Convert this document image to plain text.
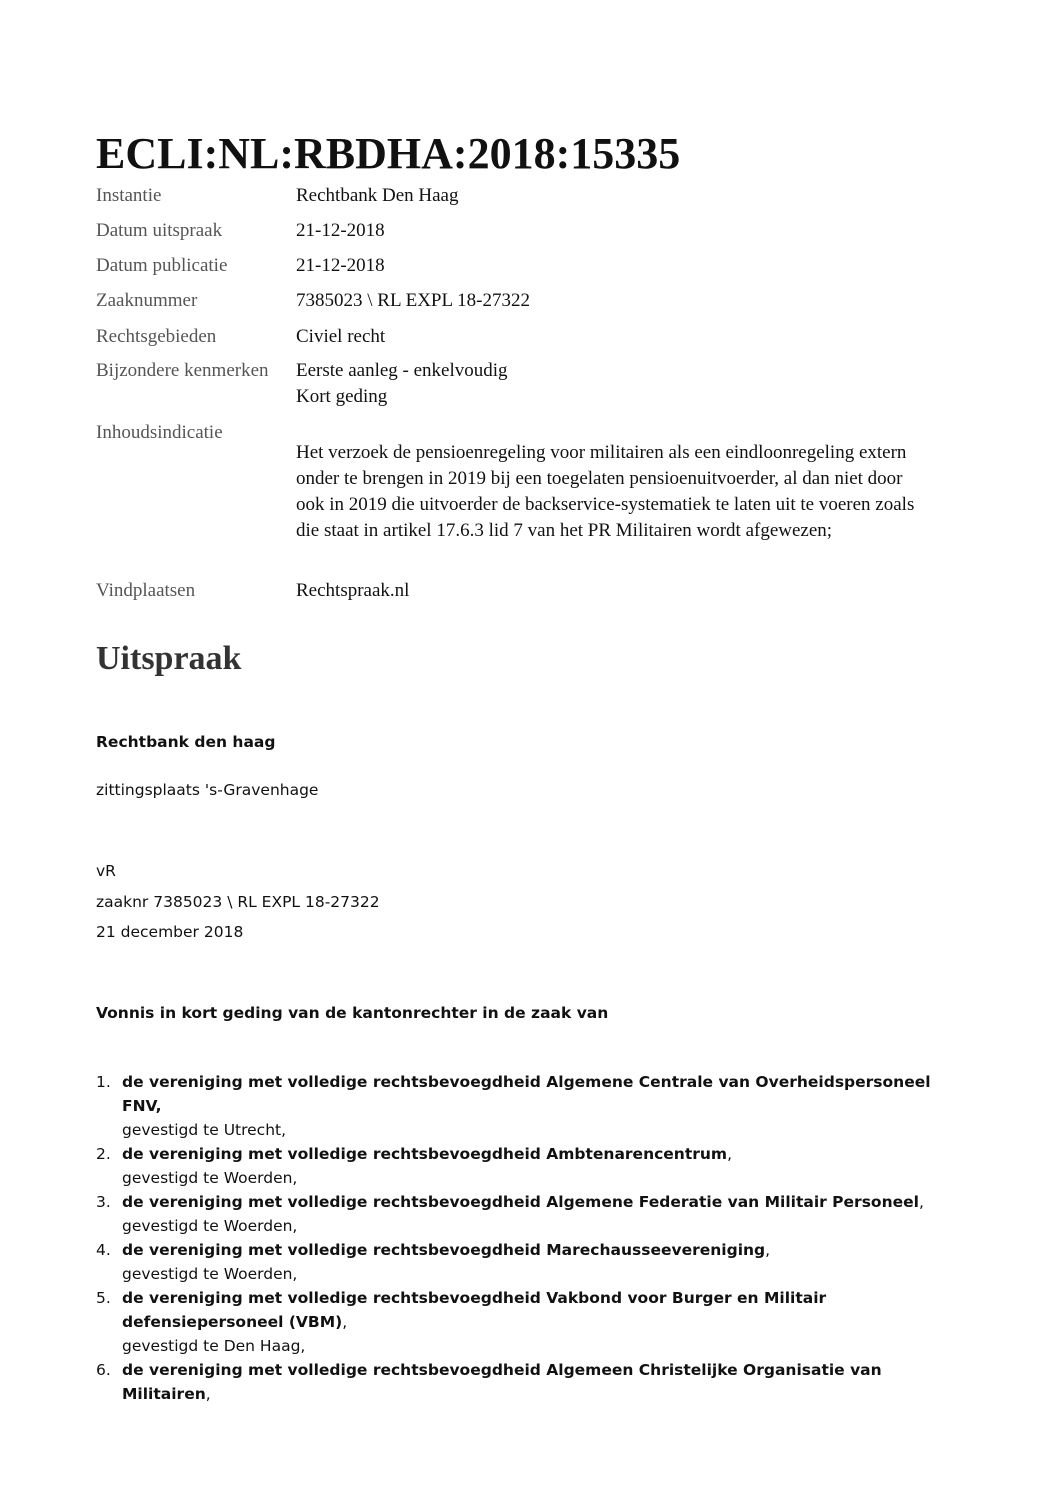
ECLI:NL:RBDHA:2018:15335
Instantie	Rechtbank Den Haag
Datum uitspraak	21-12-2018
Datum publicatie	21-12-2018
Zaaknummer	7385023 \ RL EXPL 18-27322
Rechtsgebieden	Civiel recht
Bijzondere kenmerken	Eerste aanleg - enkelvoudig
Kort geding
Inhoudsindicatie
Het verzoek de pensioenregeling voor militairen als een eindloonregeling extern
onder te brengen in 2019 bij een toegelaten pensioenuitvoerder, al dan niet door
ook in 2019 die uitvoerder de backservice-systematiek te laten uit te voeren zoals
die staat in artikel 17.6.3 lid 7 van het PR Militairen wordt afgewezen;
Vindplaatsen	Rechtspraak.nl
Uitspraak
Rechtbank den haag
zittingsplaats 's-Gravenhage
vR
zaaknr 7385023 \ RL EXPL 18-27322
21 december 2018
Vonnis in kort geding van de kantonrechter in de zaak van
1. de vereniging met volledige rechtsbevoegdheid Algemene Centrale van Overheidspersoneel
FNV,
gevestigd te Utrecht,
2. de vereniging met volledige rechtsbevoegdheid Ambtenarencentrum,
gevestigd te Woerden,
3. de vereniging met volledige rechtsbevoegdheid Algemene Federatie van Militair Personeel,
gevestigd te Woerden,
4. de vereniging met volledige rechtsbevoegdheid Marechausseevereniging,
gevestigd te Woerden,
5. de vereniging met volledige rechtsbevoegdheid Vakbond voor Burger en Militair
defensiepersoneel (VBM),
gevestigd te Den Haag,
6. de vereniging met volledige rechtsbevoegdheid Algemeen Christelijke Organisatie van
Militairen,
